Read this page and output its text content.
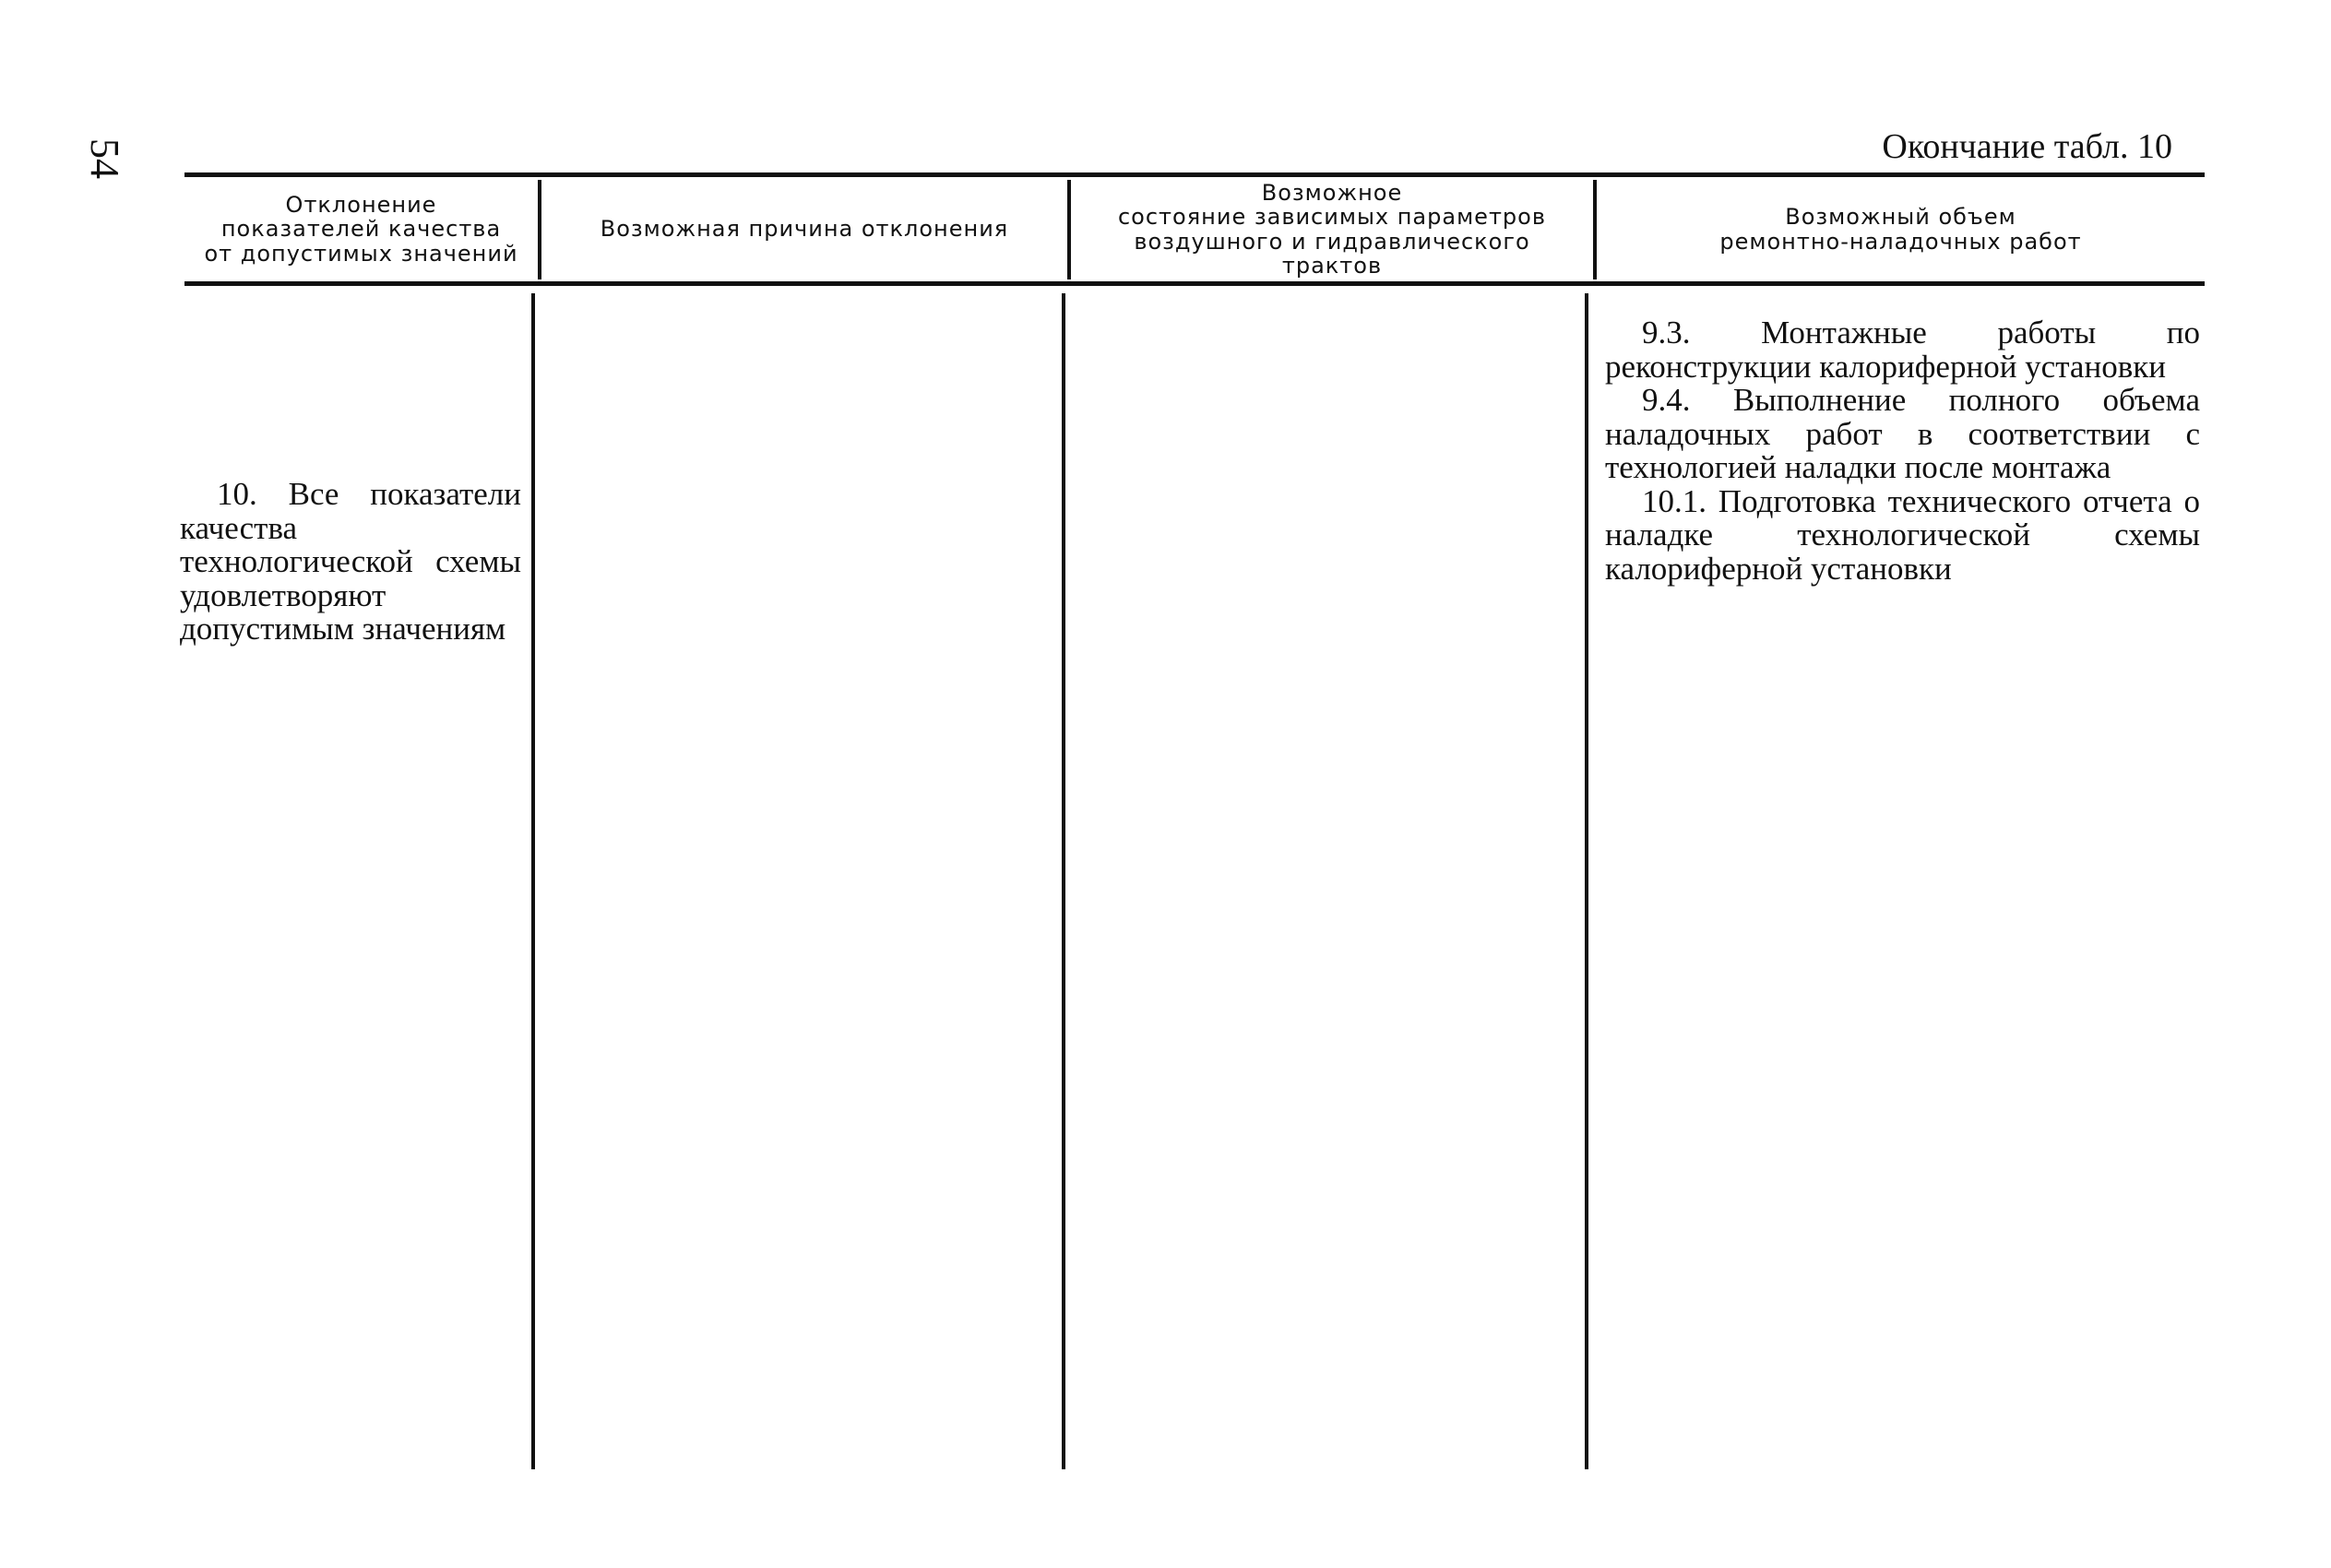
54	Окончание табл. 10
Отклонение
показателей качества
от допустимых значений
Возможная причина отклонения
Возможное
состояние зависимых параметров
воздушного и гидравлического
трактов
Возможный объем
ремонтно-наладочных работ

10. Все показатели качества технологической схемы удовлетворяют допустимым значениям

9.3. Монтажные работы по реконструкции калориферной установки

9.4. Выполнение полного объема наладочных работ в соответствии с технологией наладки после монтажа

10.1. Подготовка технического отчета о наладке технологической схемы калориферной установки
